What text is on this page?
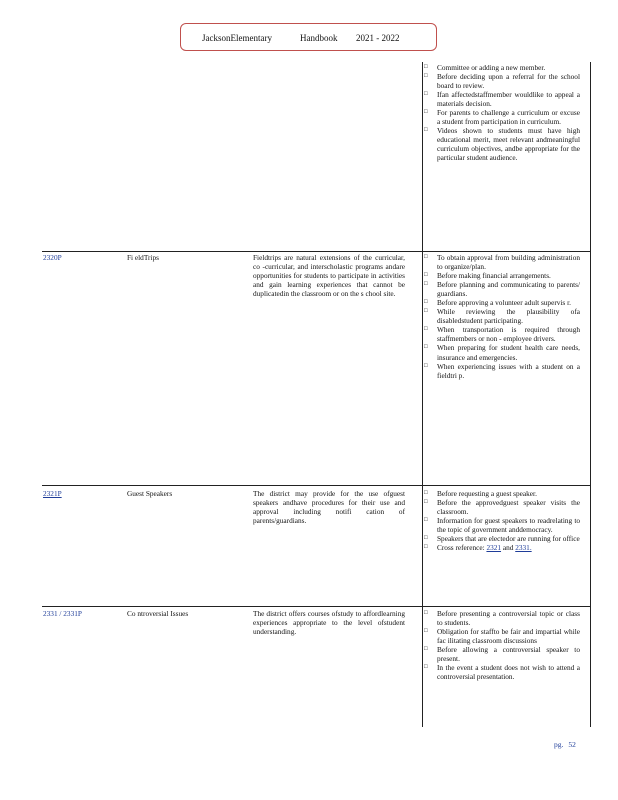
JacksonElementary	Handbook 2021 - 2022
□ Committee or adding a new member.
□ Before deciding upon a referral for the school board to review.
□ Ifan affectedstaffmember wouldlike to appeal a materials decision.
□ For parents to challenge a curriculum or excuse a student from participation in curriculum.
□ Videos shown to students must have high educational merit, meet relevant andmeaningful curriculum objectives, andbe appropriate for the particular student audience.
2320P	Fi eldTrips	Fieldtrips are natural extensions of the curricular, co -curricular, and interscholastic programs andare opportunities for students to participate in activities and gain learning experiences that cannot be duplicatedin the classroom or on the s chool site.
□ To obtain approval from building administration to organize/plan.
□ Before making financial arrangements.
□ Before planning and communicating to parents/ guardians.
□ Before approving a volunteer adult supervis r.
□ While reviewing the plausibility ofa disabledstudent participating.
□ When transportation is required through staffmembers or non - employee drivers.
□ When preparing for student health care needs, insurance and emergencies.
□ When experiencing issues with a student on a fieldtri p.
2321P	Guest Speakers	The district may provide for the use ofguest speakers andhave procedures for their use and approval including notifi cation of parents/guardians.
□ Before requesting a guest speaker.
□ Before the approvedguest speaker visits the classroom.
□ Information for guest speakers to readrelating to the topic of government anddemocracy.
□ Speakers that are electedor are running for office
□ Cross reference: 2321 and 2331.
2331 / 2331P	Co ntroversial Issues	The district offers courses ofstudy to affordlearning experiences appropriate to the level ofstudent understanding.
□ Before presenting a controversial topic or class to students.
□ Obligation for staffto be fair and impartial while fac ilitating classroom discussions
□ Before allowing a controversial speaker to present.
□ In the event a student does not wish to attend a controversial presentation.
pg. 52
